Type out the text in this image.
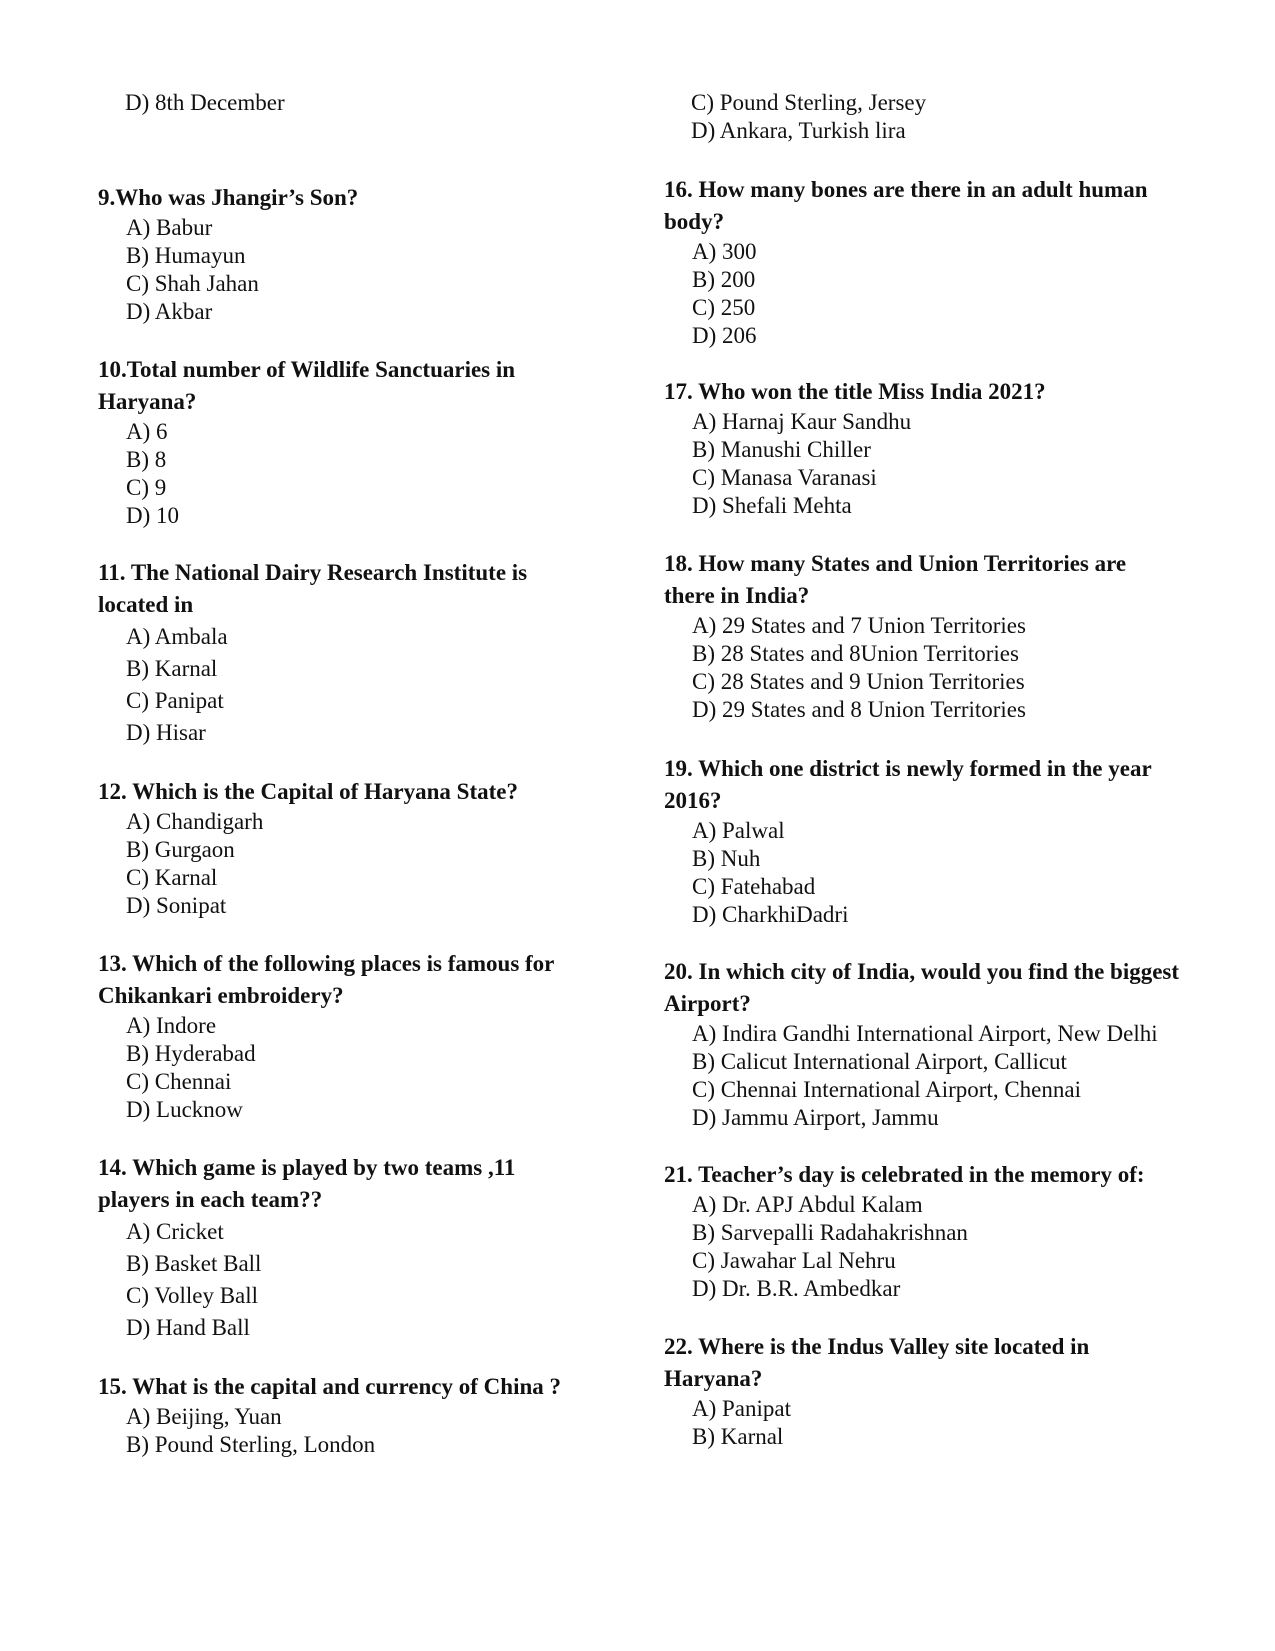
D) 8th December

9.Who was Jhangir’s Son?

A) Babur
B) Humayun
C) Shah Jahan
D) Akbar

10.Total number of Wildlife Sanctuaries in Haryana?

A) 6
B) 8
C) 9
D) 10

11. The National Dairy Research Institute is located in

A) Ambala
B) Karnal
C) Panipat
D) Hisar

12. Which is the Capital of Haryana State?

A) Chandigarh
B) Gurgaon
C) Karnal
D) Sonipat

13. Which of the following places is famous for Chikankari embroidery?

A) Indore
B) Hyderabad
C) Chennai
D) Lucknow

14. Which game is played by two teams ,11 players in each team??

A) Cricket
B) Basket Ball
C) Volley Ball
D) Hand Ball

15. What is the capital and currency of China ?

A) Beijing, Yuan
B) Pound Sterling, London
C) Pound Sterling, Jersey
D) Ankara, Turkish lira

16. How many bones are there in an adult human body?

A) 300
B) 200
C) 250
D) 206

17. Who won the title Miss India 2021?

A) Harnaj Kaur Sandhu
B) Manushi Chiller
C) Manasa Varanasi
D) Shefali Mehta

18. How many States and Union Territories are there in India?

A) 29 States and 7 Union Territories
B) 28 States and 8Union Territories
C) 28 States and 9 Union Territories
D) 29 States and 8 Union Territories

19. Which one district is newly formed in the year 2016?

A) Palwal
B) Nuh
C) Fatehabad
D) CharkhiDadri

20. In which city of India, would you find the biggest Airport?

A) Indira Gandhi International Airport, New Delhi
B) Calicut International Airport, Callicut
C) Chennai International Airport, Chennai
D) Jammu Airport, Jammu

21. Teacher’s day is celebrated in the memory of:

A) Dr. APJ Abdul Kalam
B) Sarvepalli Radahakrishnan
C) Jawahar Lal Nehru
D) Dr. B.R. Ambedkar

22. Where is the Indus Valley site located in Haryana?

A) Panipat
B) Karnal
